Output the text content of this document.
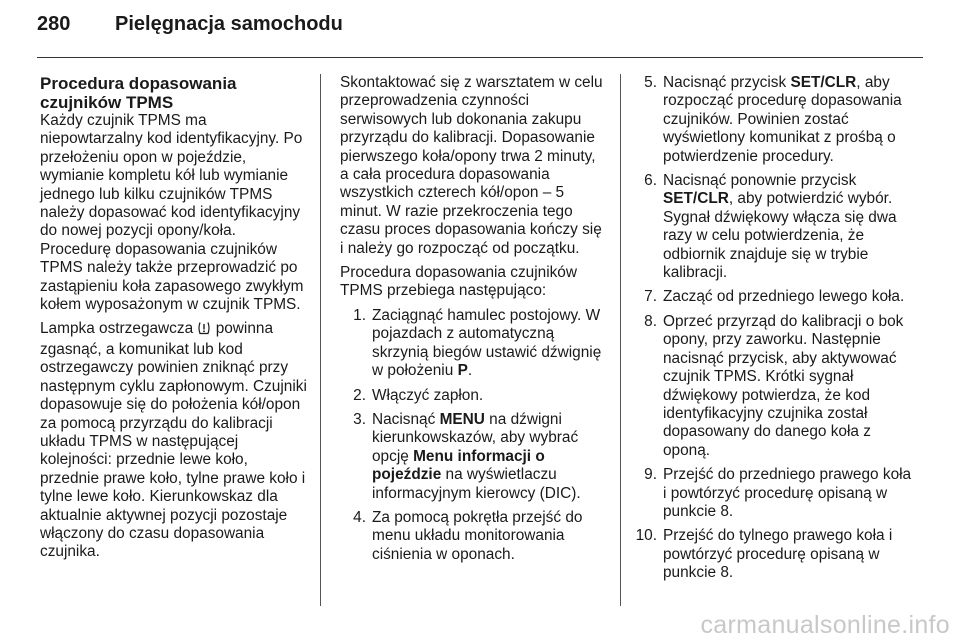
280	Pielęgnacja samochodu
Procedura dopasowania czujników TPMS

Każdy czujnik TPMS ma niepowtarzalny kod identyfikacyjny. Po przełożeniu opon w pojeździe, wymianie kompletu kół lub wymianie jednego lub kilku czujników TPMS należy dopasować kod identyfikacyjny do nowej pozycji opony/koła. Procedurę dopasowania czujników TPMS należy także przeprowadzić po zastąpieniu koła zapasowego zwykłym kołem wyposażonym w czujnik TPMS.

Lampka ostrzegawcza powinna zgasnąć, a komunikat lub kod ostrzegawczy powinien zniknąć przy następnym cyklu zapłonowym. Czujniki dopasowuje się do położenia kół/opon za pomocą przyrządu do kalibracji układu TPMS w następującej kolejności: przednie lewe koło, przednie prawe koło, tylne prawe koło i tylne lewe koło. Kierunkowskaz dla aktualnie aktywnej pozycji pozostaje włączony do czasu dopasowania czujnika.

Skontaktować się z warsztatem w celu przeprowadzenia czynności serwisowych lub dokonania zakupu przyrządu do kalibracji. Dopasowanie pierwszego koła/opony trwa 2 minuty, a cała procedura dopasowania wszystkich czterech kół/opon – 5 minut. W razie przekroczenia tego czasu proces dopasowania kończy się i należy go rozpocząć od początku.

Procedura dopasowania czujników TPMS przebiega następująco:

1. Zaciągnąć hamulec postojowy. W pojazdach z automatyczną skrzynią biegów ustawić dźwignię w położeniu P.
2. Włączyć zapłon.
3. Nacisnąć MENU na dźwigni kierunkowskazów, aby wybrać opcję Menu informacji o pojeździe na wyświetlaczu informacyjnym kierowcy (DIC).
4. Za pomocą pokrętła przejść do menu układu monitorowania ciśnienia w oponach.
5. Nacisnąć przycisk SET/CLR, aby rozpocząć procedurę dopasowania czujników. Powinien zostać wyświetlony komunikat z prośbą o potwierdzenie procedury.
6. Nacisnąć ponownie przycisk SET/CLR, aby potwierdzić wybór. Sygnał dźwiękowy włącza się dwa razy w celu potwierdzenia, że odbiornik znajduje się w trybie kalibracji.
7. Zacząć od przedniego lewego koła.
8. Oprzeć przyrząd do kalibracji o bok opony, przy zaworku. Następnie nacisnąć przycisk, aby aktywować czujnik TPMS. Krótki sygnał dźwiękowy potwierdza, że kod identyfikacyjny czujnika został dopasowany do danego koła z oponą.
9. Przejść do przedniego prawego koła i powtórzyć procedurę opisaną w punkcie 8.
10. Przejść do tylnego prawego koła i powtórzyć procedurę opisaną w punkcie 8.
carmanualsonline.info
